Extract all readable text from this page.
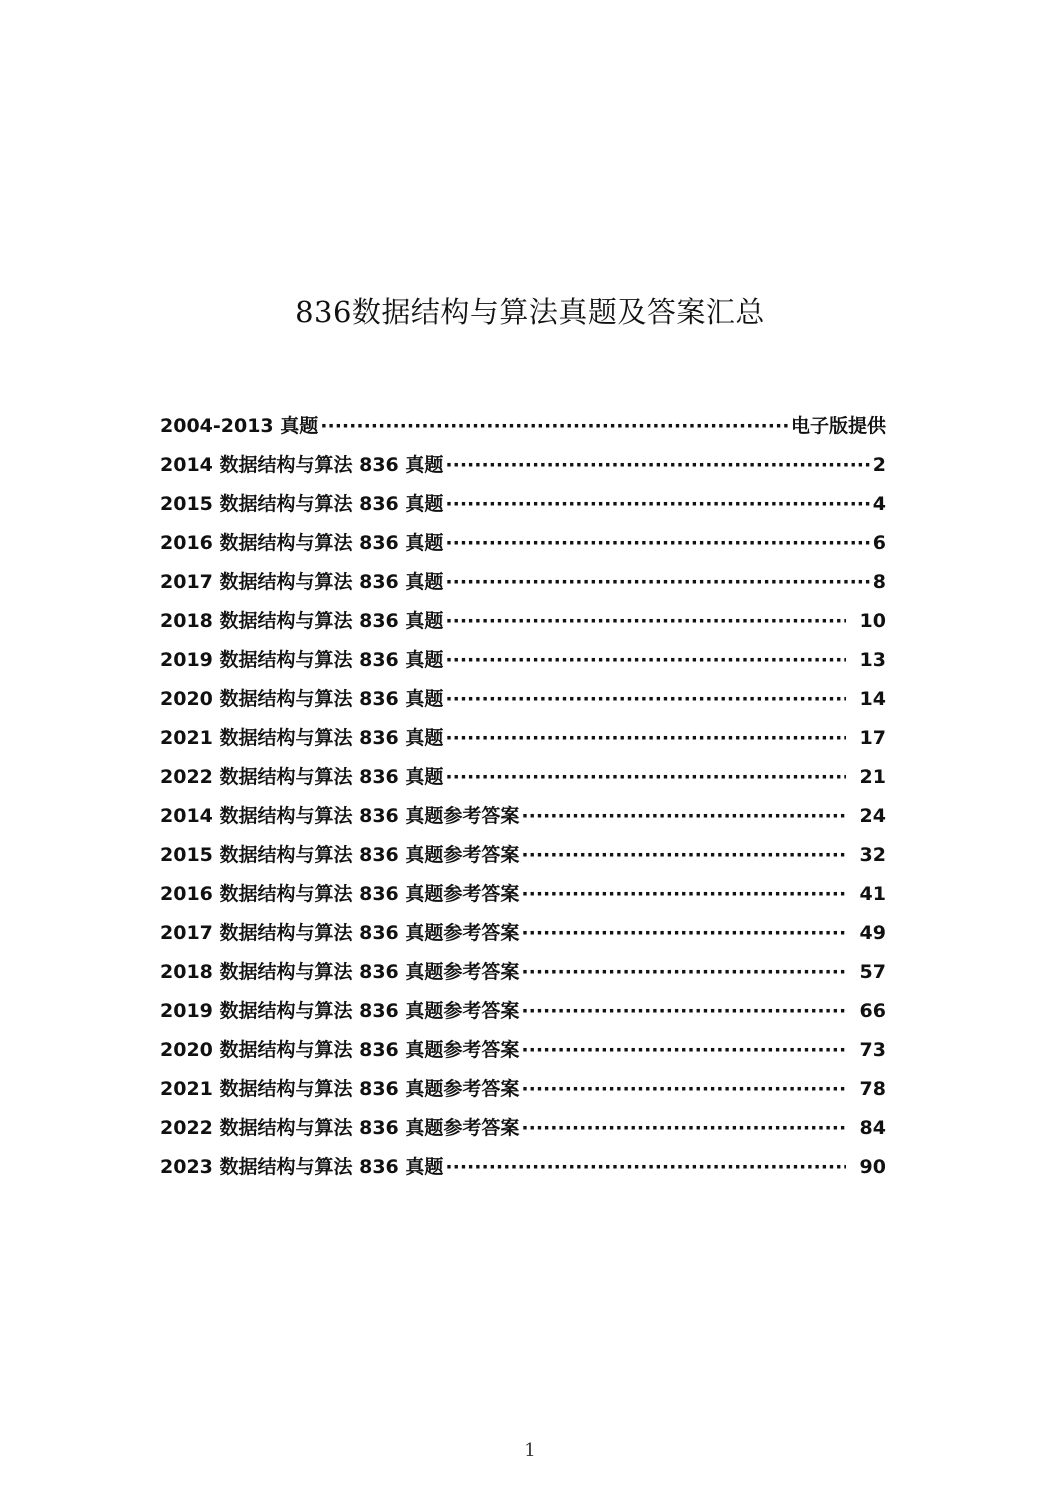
836数据结构与算法真题及答案汇总
2004-2013 真题 ·····	电子版提供
2014 数据结构与算法 836 真题 ·····	2
2015 数据结构与算法 836 真题 ·····	4
2016 数据结构与算法 836 真题 ·····	6
2017 数据结构与算法 836 真题 ·····	8
2018 数据结构与算法 836 真题 ·····	10
2019 数据结构与算法 836 真题 ·····	13
2020 数据结构与算法 836 真题 ·····	14
2021 数据结构与算法 836 真题 ·····	17
2022 数据结构与算法 836 真题 ·····	21
2014 数据结构与算法 836 真题参考答案 ·····	24
2015 数据结构与算法 836 真题参考答案 ·····	32
2016 数据结构与算法 836 真题参考答案 ·····	41
2017 数据结构与算法 836 真题参考答案 ·····	49
2018 数据结构与算法 836 真题参考答案 ·····	57
2019 数据结构与算法 836 真题参考答案 ·····	66
2020 数据结构与算法 836 真题参考答案 ·····	73
2021 数据结构与算法 836 真题参考答案 ·····	78
2022 数据结构与算法 836 真题参考答案 ·····	84
2023 数据结构与算法 836 真题 ·····	90
1
